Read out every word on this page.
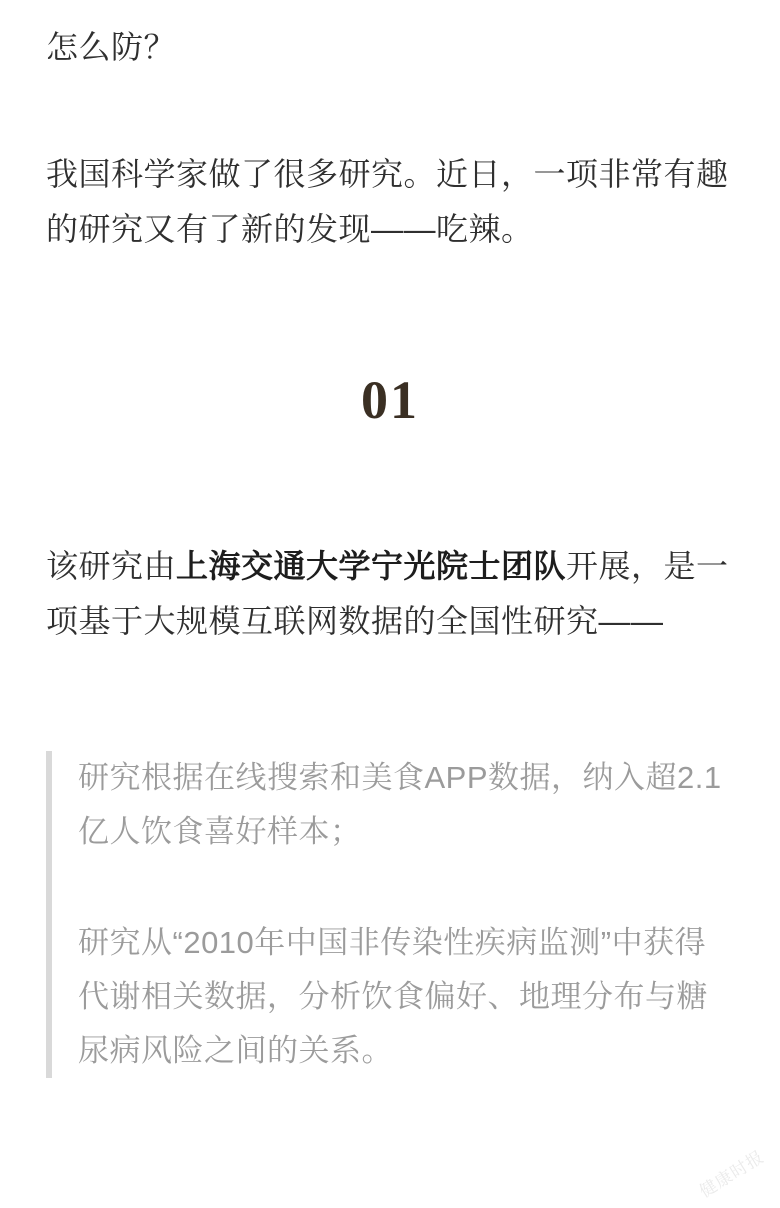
怎么防？

我国科学家做了很多研究。近日，一项非常有趣的研究又有了新的发现——吃辣。

01

该研究由上海交通大学宁光院士团队开展，是一项基于大规模互联网数据的全国性研究——

研究根据在线搜索和美食APP数据，纳入超2.1亿人饮食喜好样本；

研究从“2010年中国非传染性疾病监测”中获得代谢相关数据，分析饮食偏好、地理分布与糖尿病风险之间的关系。

健康时报
